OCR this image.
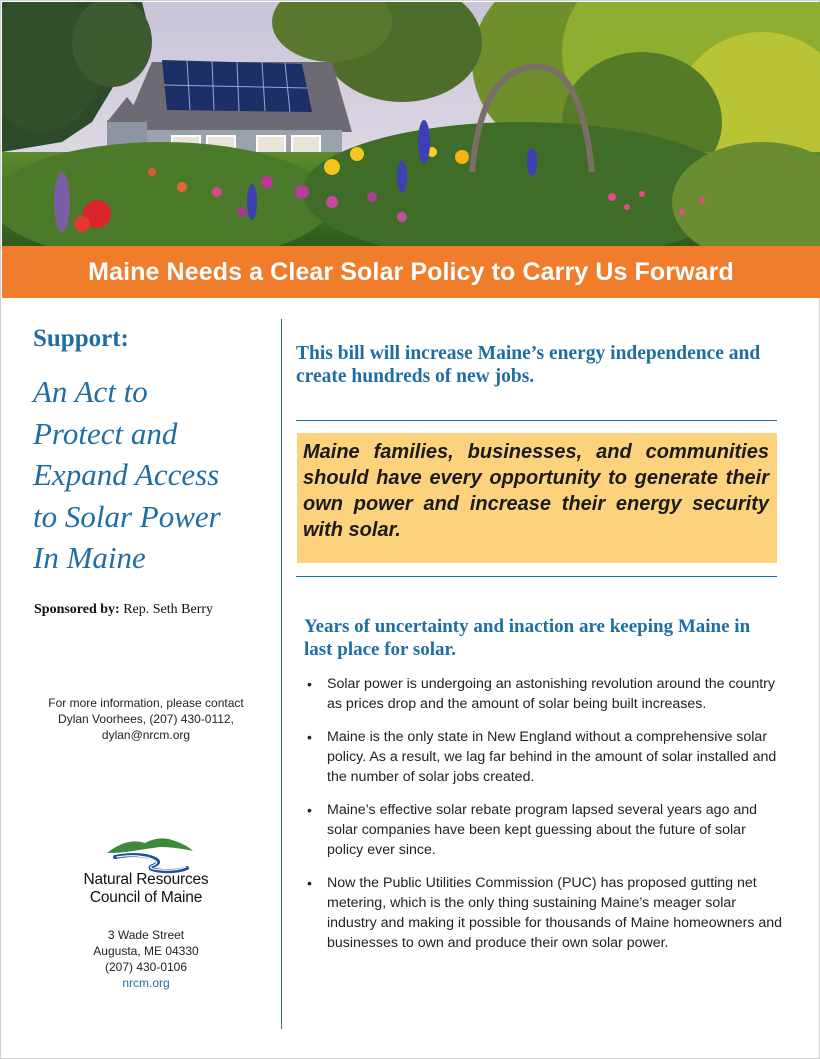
Maine Needs a Clear Solar Policy to Carry Us Forward
Support:
An Act to
Protect and
Expand Access
to Solar Power
In Maine
Sponsored by: Rep. Seth Berry
For more information, please contact
Dylan Voorhees, (207) 430-0112,
dylan@nrcm.org
Natural Resources
Council of Maine
3 Wade Street
Augusta, ME 04330
(207) 430-0106
nrcm.org
This bill will increase Maine’s energy independence and create hundreds of new jobs.

Maine families, businesses, and communities should have every opportunity to generate their own power and increase their energy security with solar.

Years of uncertainty and inaction are keeping Maine in last place for solar.
• Solar power is undergoing an astonishing revolution around the country as prices drop and the amount of solar being built increases.
• Maine is the only state in New England without a comprehensive solar policy. As a result, we lag far behind in the amount of solar installed and the number of solar jobs created.
• Maine’s effective solar rebate program lapsed several years ago and solar companies have been kept guessing about the future of solar policy ever since.
• Now the Public Utilities Commission (PUC) has proposed gutting net metering, which is the only thing sustaining Maine’s meager solar industry and making it possible for thousands of Maine homeowners and businesses to own and produce their own solar power.
